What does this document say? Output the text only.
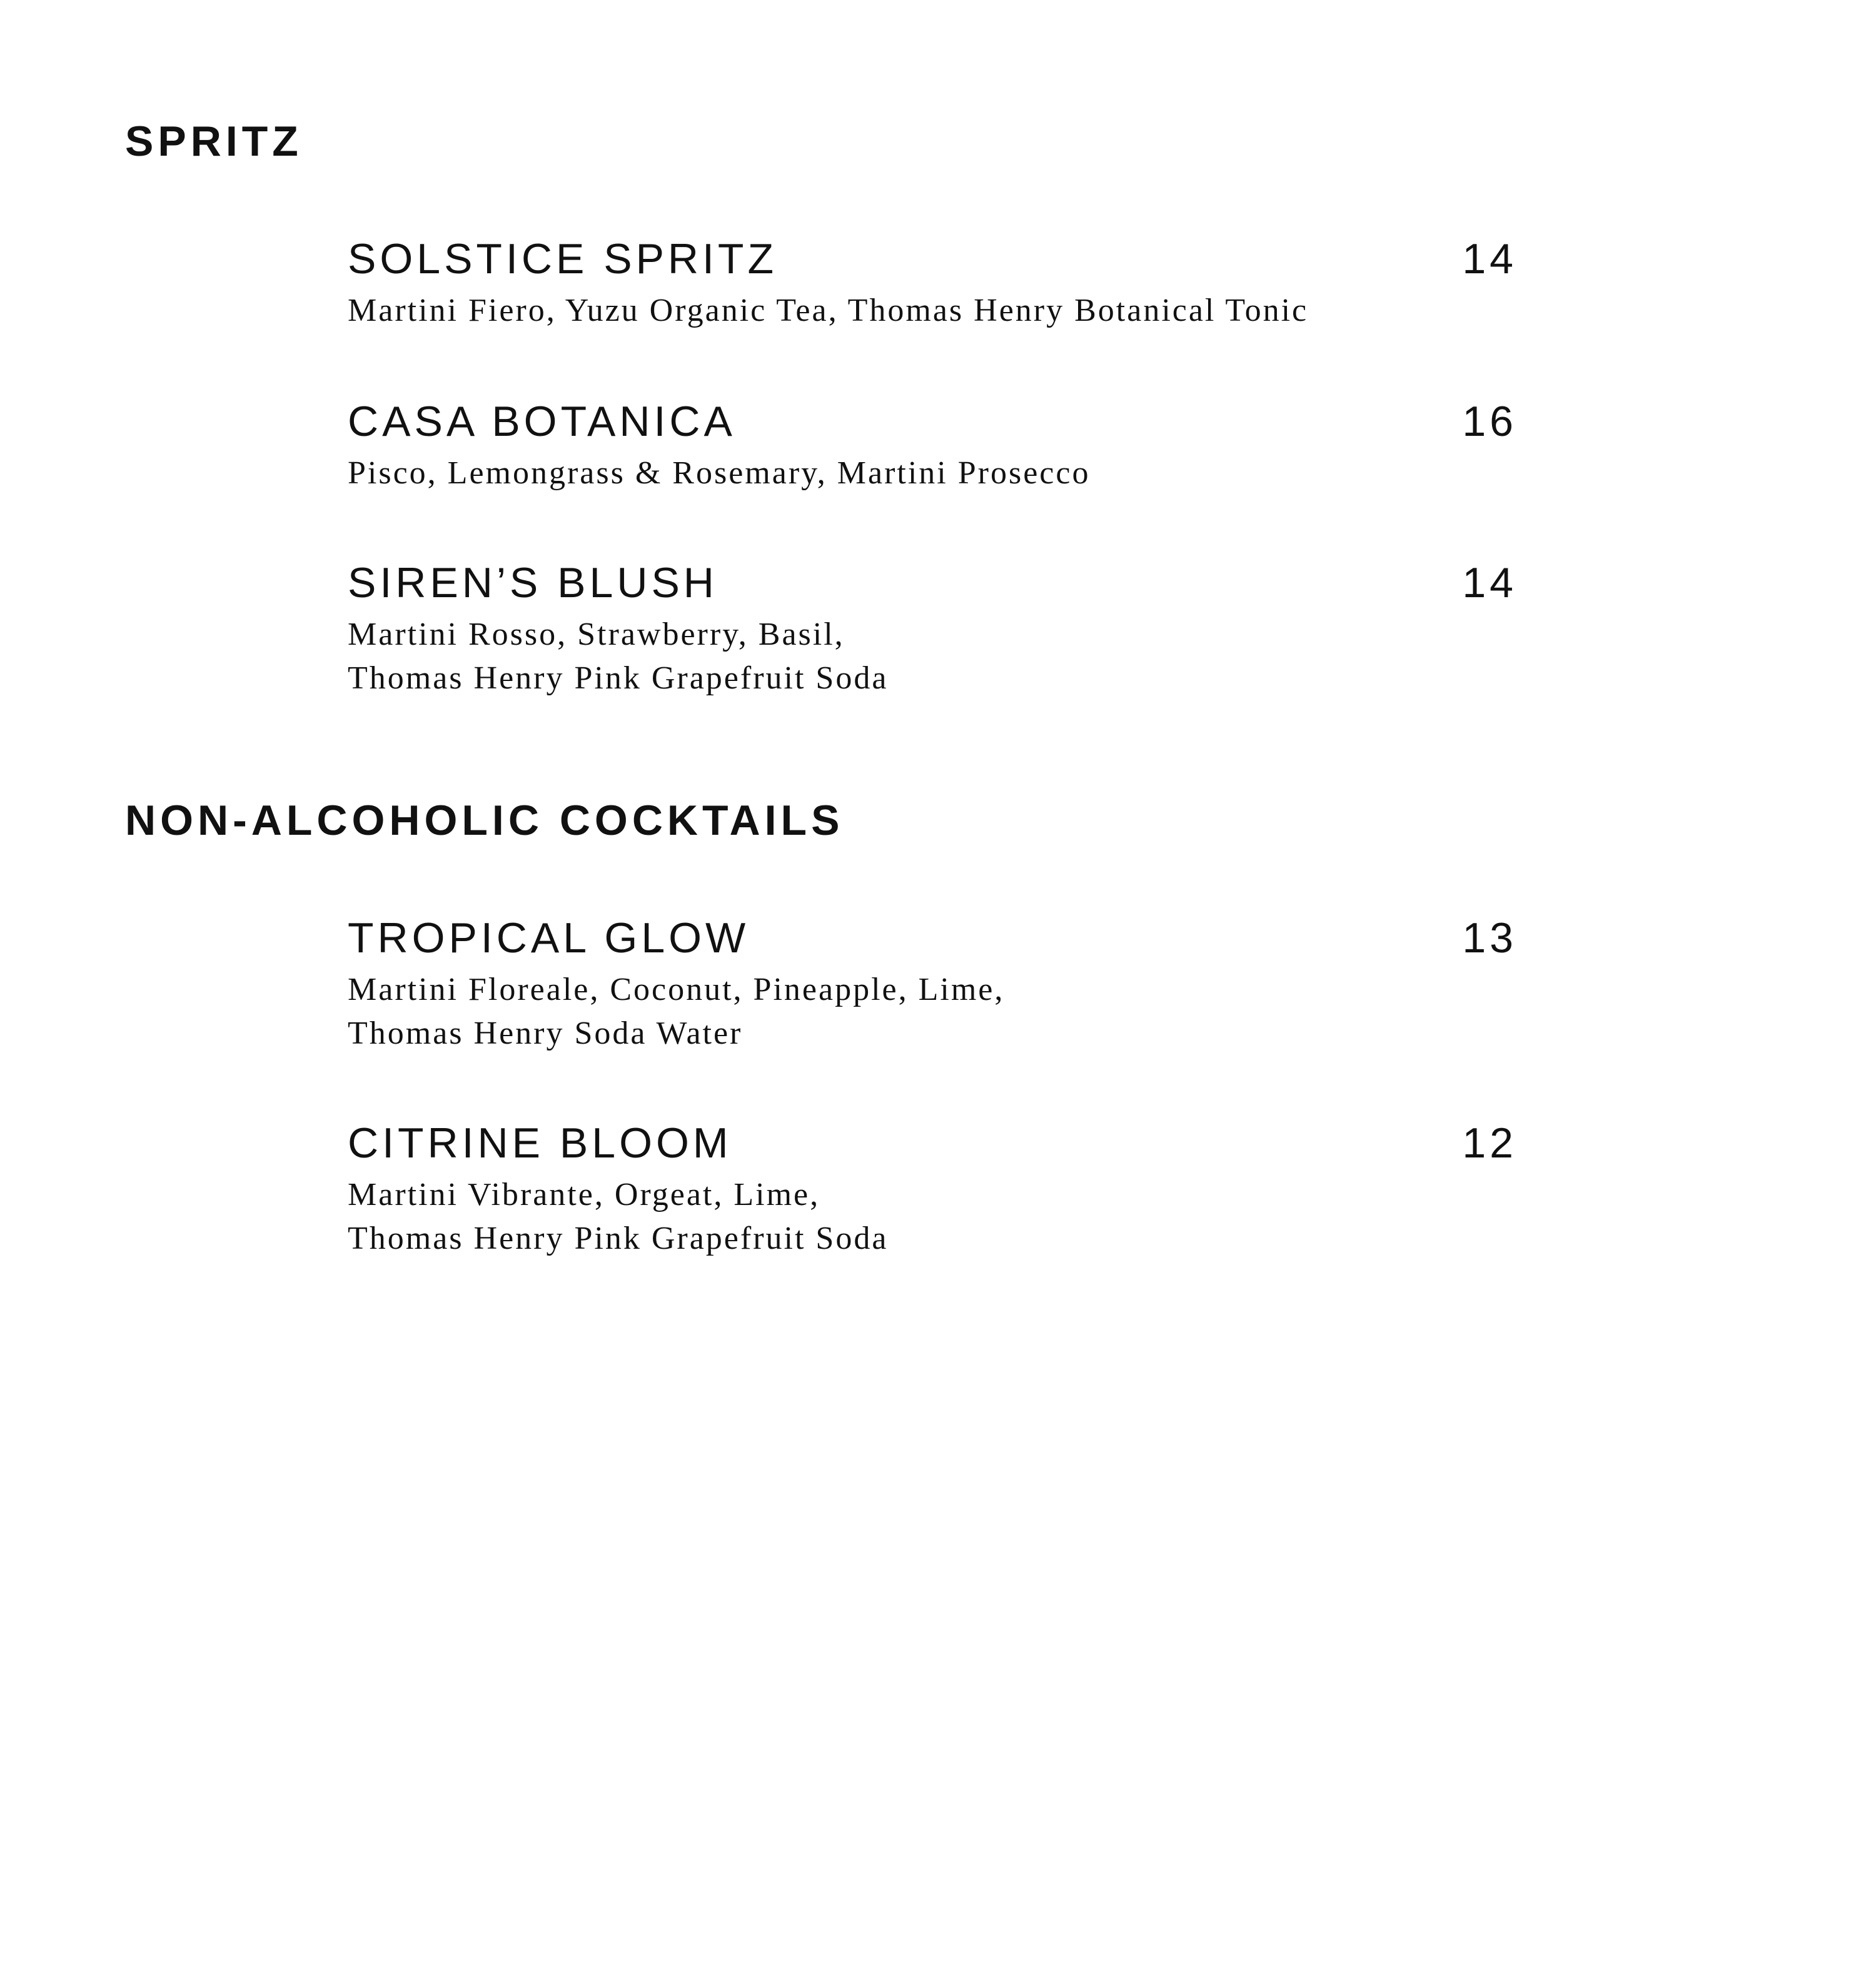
SPRITZ
SOLSTICE SPRITZ	14
Martini Fiero, Yuzu Organic Tea, Thomas Henry Botanical Tonic
CASA BOTANICA	16
Pisco, Lemongrass & Rosemary, Martini Prosecco
SIREN’S BLUSH	14
Martini Rosso, Strawberry, Basil,
Thomas Henry Pink Grapefruit Soda
NON-ALCOHOLIC COCKTAILS
TROPICAL GLOW	13
Martini Floreale, Coconut, Pineapple, Lime,
Thomas Henry Soda Water
CITRINE BLOOM	12
Martini Vibrante, Orgeat, Lime,
Thomas Henry Pink Grapefruit Soda
